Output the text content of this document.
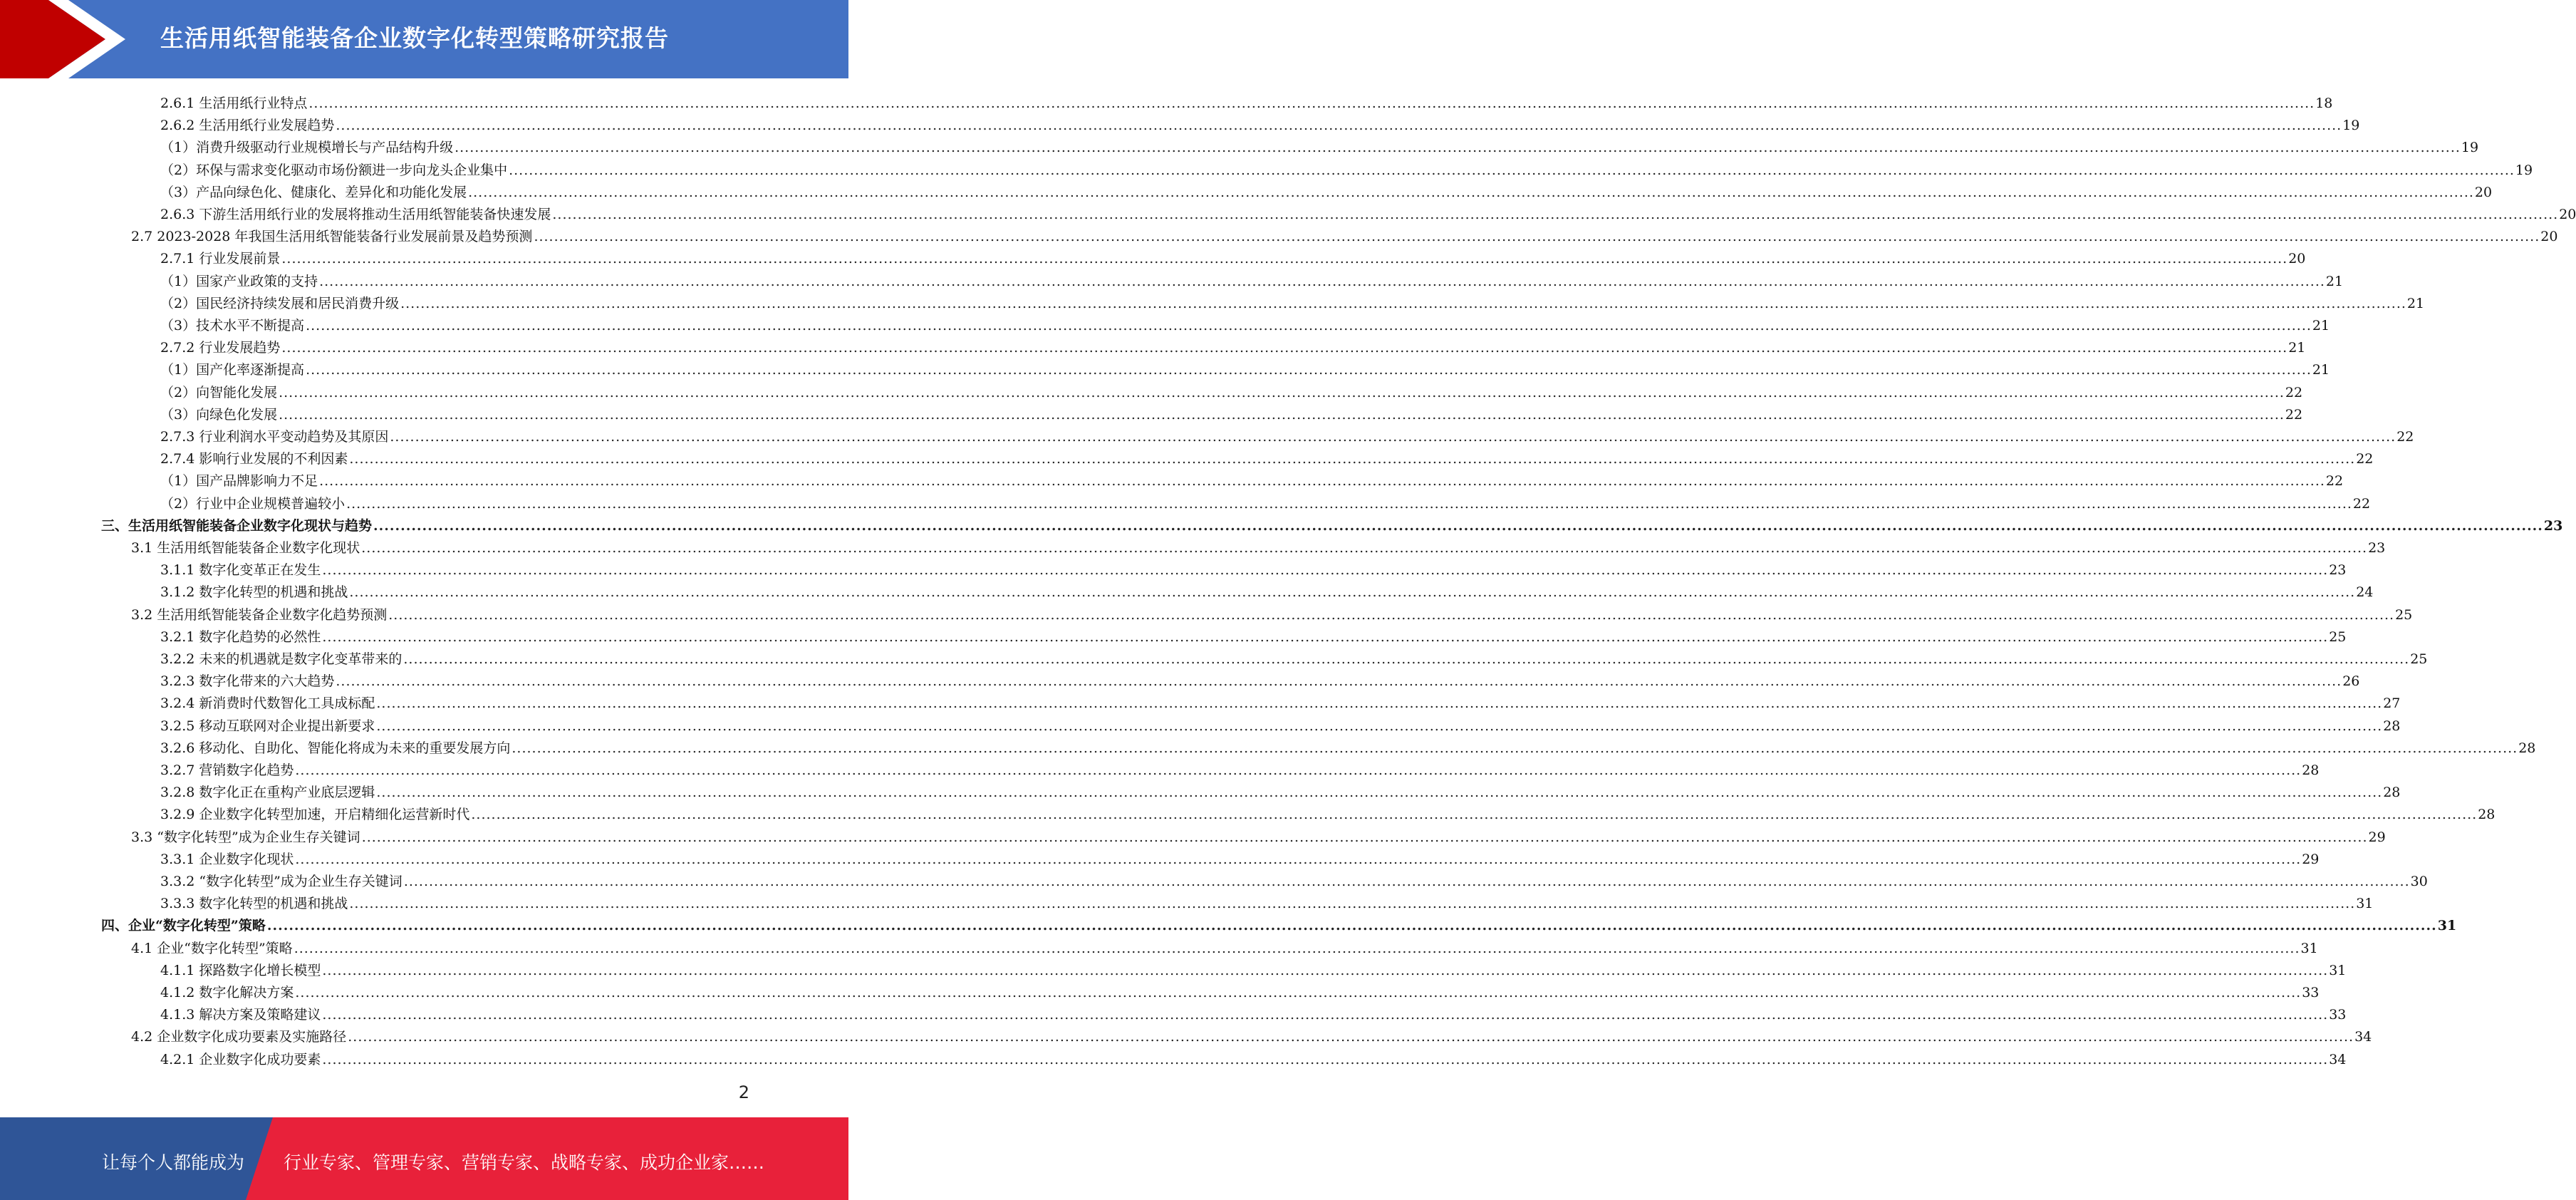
生活用纸智能装备企业数字化转型策略研究报告
2.6.1 生活用纸行业特点 ................................................................................................................................................................................................................................................................................................................................................................................................................ 18
2.6.2 生活用纸行业发展趋势 ................................................................................................................................................................................................................................................................................................................................................................................................................ 19
（1）消费升级驱动行业规模增长与产品结构升级 ................................................................................................................................................................................................................................................................................................................................................................................................................ 19
（2）环保与需求变化驱动市场份额进一步向龙头企业集中 ................................................................................................................................................................................................................................................................................................................................................................................................................ 19
（3）产品向绿色化、健康化、差异化和功能化发展 ................................................................................................................................................................................................................................................................................................................................................................................................................ 20
2.6.3 下游生活用纸行业的发展将推动生活用纸智能装备快速发展 ................................................................................................................................................................................................................................................................................................................................................................................................................ 20
2.7 2023-2028 年我国生活用纸智能装备行业发展前景及趋势预测 ................................................................................................................................................................................................................................................................................................................................................................................................................ 20
2.7.1 行业发展前景 ................................................................................................................................................................................................................................................................................................................................................................................................................ 20
（1）国家产业政策的支持 ................................................................................................................................................................................................................................................................................................................................................................................................................ 21
（2）国民经济持续发展和居民消费升级 ................................................................................................................................................................................................................................................................................................................................................................................................................ 21
（3）技术水平不断提高 ................................................................................................................................................................................................................................................................................................................................................................................................................ 21
2.7.2 行业发展趋势 ................................................................................................................................................................................................................................................................................................................................................................................................................ 21
（1）国产化率逐渐提高 ................................................................................................................................................................................................................................................................................................................................................................................................................ 21
（2）向智能化发展 ................................................................................................................................................................................................................................................................................................................................................................................................................ 22
（3）向绿色化发展 ................................................................................................................................................................................................................................................................................................................................................................................................................ 22
2.7.3 行业利润水平变动趋势及其原因 ................................................................................................................................................................................................................................................................................................................................................................................................................ 22
2.7.4 影响行业发展的不利因素 ................................................................................................................................................................................................................................................................................................................................................................................................................ 22
（1）国产品牌影响力不足 ................................................................................................................................................................................................................................................................................................................................................................................................................ 22
（2）行业中企业规模普遍较小 ................................................................................................................................................................................................................................................................................................................................................................................................................ 22
三、生活用纸智能装备企业数字化现状与趋势 ................................................................................................................................................................................................................................................................................................................................................................................................................ 23
3.1 生活用纸智能装备企业数字化现状 ................................................................................................................................................................................................................................................................................................................................................................................................................ 23
3.1.1 数字化变革正在发生 ................................................................................................................................................................................................................................................................................................................................................................................................................ 23
3.1.2 数字化转型的机遇和挑战 ................................................................................................................................................................................................................................................................................................................................................................................................................ 24
3.2 生活用纸智能装备企业数字化趋势预测 ................................................................................................................................................................................................................................................................................................................................................................................................................ 25
3.2.1 数字化趋势的必然性 ................................................................................................................................................................................................................................................................................................................................................................................................................ 25
3.2.2 未来的机遇就是数字化变革带来的 ................................................................................................................................................................................................................................................................................................................................................................................................................ 25
3.2.3 数字化带来的六大趋势 ................................................................................................................................................................................................................................................................................................................................................................................................................ 26
3.2.4 新消费时代数智化工具成标配 ................................................................................................................................................................................................................................................................................................................................................................................................................ 27
3.2.5 移动互联网对企业提出新要求 ................................................................................................................................................................................................................................................................................................................................................................................................................ 28
3.2.6 移动化、自助化、智能化将成为未来的重要发展方向 ................................................................................................................................................................................................................................................................................................................................................................................................................ 28
3.2.7 营销数字化趋势 ................................................................................................................................................................................................................................................................................................................................................................................................................ 28
3.2.8 数字化正在重构产业底层逻辑 ................................................................................................................................................................................................................................................................................................................................................................................................................ 28
3.2.9 企业数字化转型加速，开启精细化运营新时代 ................................................................................................................................................................................................................................................................................................................................................................................................................ 28
3.3 “数字化转型”成为企业生存关键词 ................................................................................................................................................................................................................................................................................................................................................................................................................ 29
3.3.1 企业数字化现状 ................................................................................................................................................................................................................................................................................................................................................................................................................ 29
3.3.2 “数字化转型”成为企业生存关键词 ................................................................................................................................................................................................................................................................................................................................................................................................................ 30
3.3.3 数字化转型的机遇和挑战 ................................................................................................................................................................................................................................................................................................................................................................................................................ 31
四、企业“数字化转型”策略 ................................................................................................................................................................................................................................................................................................................................................................................................................ 31
4.1 企业“数字化转型”策略 ................................................................................................................................................................................................................................................................................................................................................................................................................ 31
4.1.1 探路数字化增长模型 ................................................................................................................................................................................................................................................................................................................................................................................................................ 31
4.1.2 数字化解决方案 ................................................................................................................................................................................................................................................................................................................................................................................................................ 33
4.1.3 解决方案及策略建议 ................................................................................................................................................................................................................................................................................................................................................................................................................ 33
4.2 企业数字化成功要素及实施路径 ................................................................................................................................................................................................................................................................................................................................................................................................................ 34
4.2.1 企业数字化成功要素 ................................................................................................................................................................................................................................................................................................................................................................................................................ 34
2
让每个人都能成为 行业专家、管理专家、营销专家、战略专家、成功企业家……
